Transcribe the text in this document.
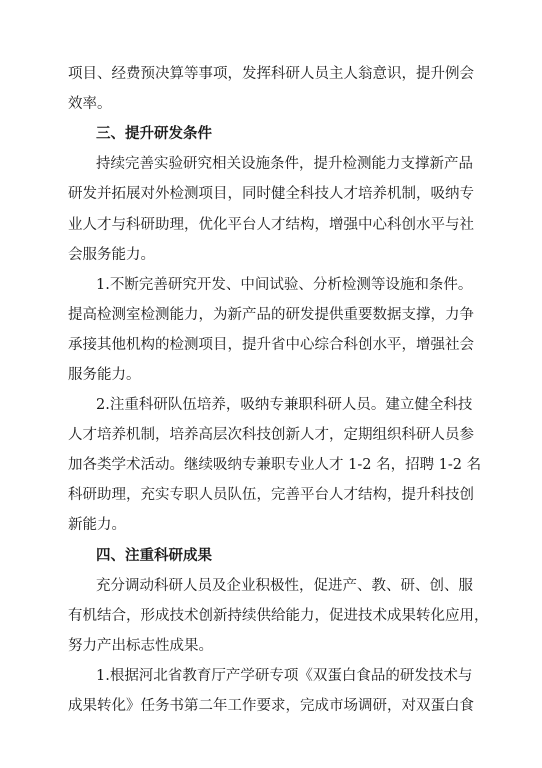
项目、经费预决算等事项，发挥科研人员主人翁意识，提升例会
效率。
三、提升研发条件
持续完善实验研究相关设施条件，提升检测能力支撑新产品
研发并拓展对外检测项目，同时健全科技人才培养机制，吸纳专
业人才与科研助理，优化平台人才结构，增强中心科创水平与社
会服务能力。
1.不断完善研究开发、中间试验、分析检测等设施和条件。
提高检测室检测能力，为新产品的研发提供重要数据支撑，力争
承接其他机构的检测项目，提升省中心综合科创水平，增强社会
服务能力。
2.注重科研队伍培养，吸纳专兼职科研人员。建立健全科技
人才培养机制，培养高层次科技创新人才，定期组织科研人员参
加各类学术活动。继续吸纳专兼职专业人才 1-2 名，招聘 1-2 名
科研助理，充实专职人员队伍，完善平台人才结构，提升科技创
新能力。
四、注重科研成果
充分调动科研人员及企业积极性，促进产、教、研、创、服
有机结合，形成技术创新持续供给能力，促进技术成果转化应用，
努力产出标志性成果。
1.根据河北省教育厅产学研专项《双蛋白食品的研发技术与
成果转化》任务书第二年工作要求，完成市场调研，对双蛋白食
